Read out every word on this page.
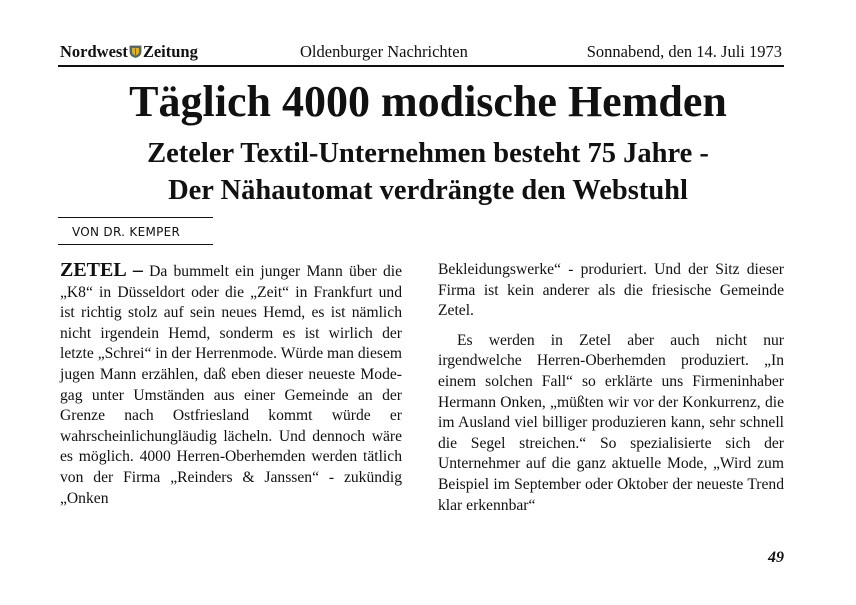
Nordwest Zeitung	Oldenburger Nachrichten	Sonnabend, den 14. Juli 1973
Täglich 4000 modische Hemden
Zeteler Textil-Unternehmen besteht 75 Jahre -
Der Nähautomat verdrängte den Webstuhl
VON DR. KEMPER

ZETEL – Da bummelt ein junger Mann über die „K8“ in Düsseldort oder die „Zeit“ in Frankfurt und ist richtig stolz auf sein neues Hemd, es ist nämlich nicht irgendein Hemd, sonderm es ist wirlich der letzte „Schrei“ in der Herrenmode. Würde man diesem jugen Mann erzählen, daß eben dieser neueste Modegag unter Umständen aus einer Gemeinde an der Grenze nach Ostfriesland kommt würde er wahrscheinlichungläudig lächeln. Und dennoch wäre es möglich. 4000 Herren-Oberhemden werden tätlich von der Firma „Reinders & Janssen“ - zukündig „Onken

Bekleidungswerke“ - produriert. Und der Sitz dieser Firma ist kein anderer als die friesische Gemeinde Zetel.

Es werden in Zetel aber auch nicht nur irgendwelche Herren-Oberhemden produziert. „In einem solchen Fall“ so erklärte uns Firmeninhaber Hermann Onken, „müßten wir vor der Konkurrenz, die im Ausland viel billiger produzieren kann, sehr schnell die Segel streichen.“ So spezialisierte sich der Unternehmer auf die ganz aktuelle Mode, „Wird zum Beispiel im September oder Oktober der neueste Trend klar erkennbar“

49
